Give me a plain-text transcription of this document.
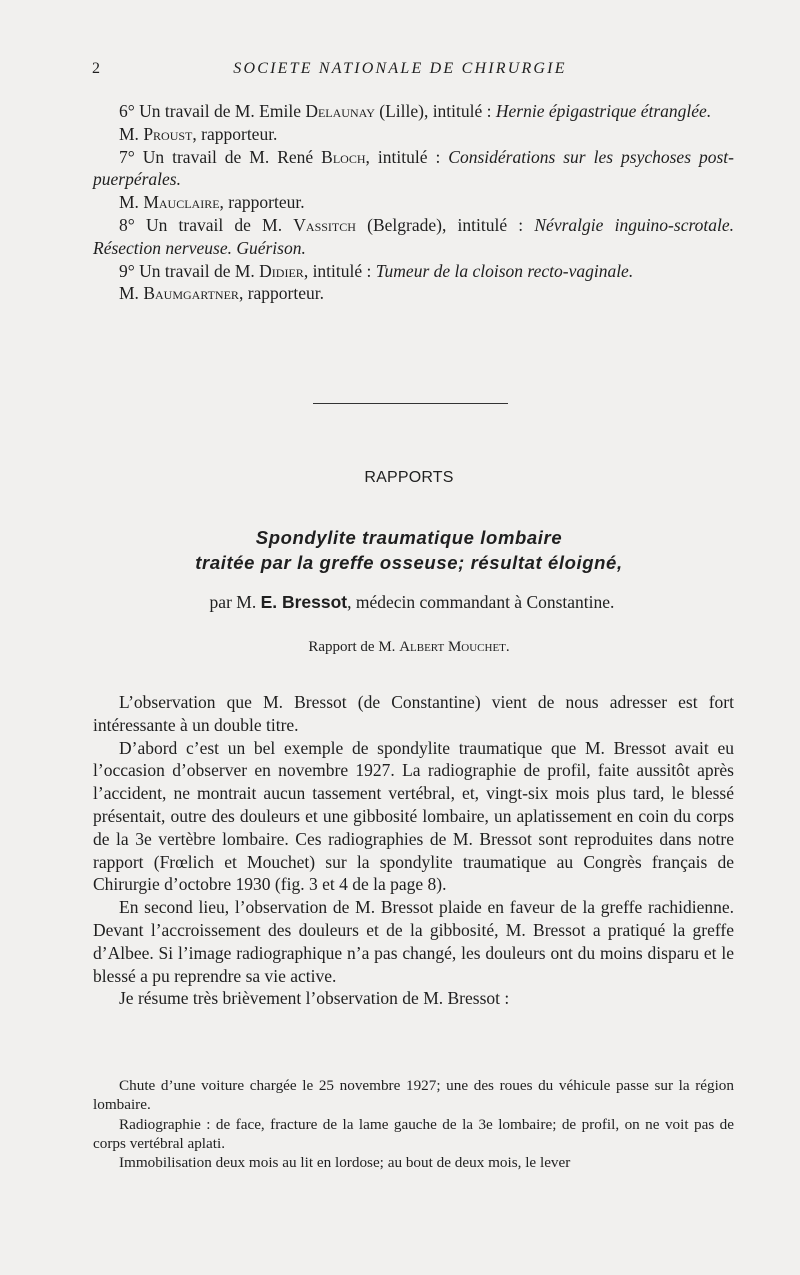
2	SOCIETE NATIONALE DE CHIRURGIE

6° Un travail de M. Emile Delaunay (Lille), intitulé : Hernie épigastrique étranglée.

M. Proust, rapporteur.

7° Un travail de M. René Bloch, intitulé : Considérations sur les psychoses post-puerpérales.

M. Mauclaire, rapporteur.

8° Un travail de M. Vassitch (Belgrade), intitulé : Névralgie inguino-scrotale. Résection nerveuse. Guérison.

9° Un travail de M. Didier, intitulé : Tumeur de la cloison recto-vaginale.

M. Baumgartner, rapporteur.

RAPPORTS
Spondylite traumatique lombaire
traitée par la greffe osseuse; résultat éloigné,
par M. E. Bressot, médecin commandant à Constantine.
Rapport de M. Albert Mouchet.

L’observation que M. Bressot (de Constantine) vient de nous adresser est fort intéressante à un double titre.

D’abord c’est un bel exemple de spondylite traumatique que M. Bressot avait eu l’occasion d’observer en novembre 1927. La radiographie de profil, faite aussitôt après l’accident, ne montrait aucun tassement vertébral, et, vingt-six mois plus tard, le blessé présentait, outre des douleurs et une gibbosité lombaire, un aplatissement en coin du corps de la 3e vertèbre lombaire. Ces radiographies de M. Bressot sont reproduites dans notre rapport (Frœlich et Mouchet) sur la spondylite traumatique au Congrès français de Chirurgie d’octobre 1930 (fig. 3 et 4 de la page 8).

En second lieu, l’observation de M. Bressot plaide en faveur de la greffe rachidienne. Devant l’accroissement des douleurs et de la gibbosité, M. Bressot a pratiqué la greffe d’Albee. Si l’image radiographique n’a pas changé, les douleurs ont du moins disparu et le blessé a pu reprendre sa vie active.

Je résume très brièvement l’observation de M. Bressot :

Chute d’une voiture chargée le 25 novembre 1927; une des roues du véhicule passe sur la région lombaire.

Radiographie : de face, fracture de la lame gauche de la 3e lombaire; de profil, on ne voit pas de corps vertébral aplati.

Immobilisation deux mois au lit en lordose; au bout de deux mois, le lever
